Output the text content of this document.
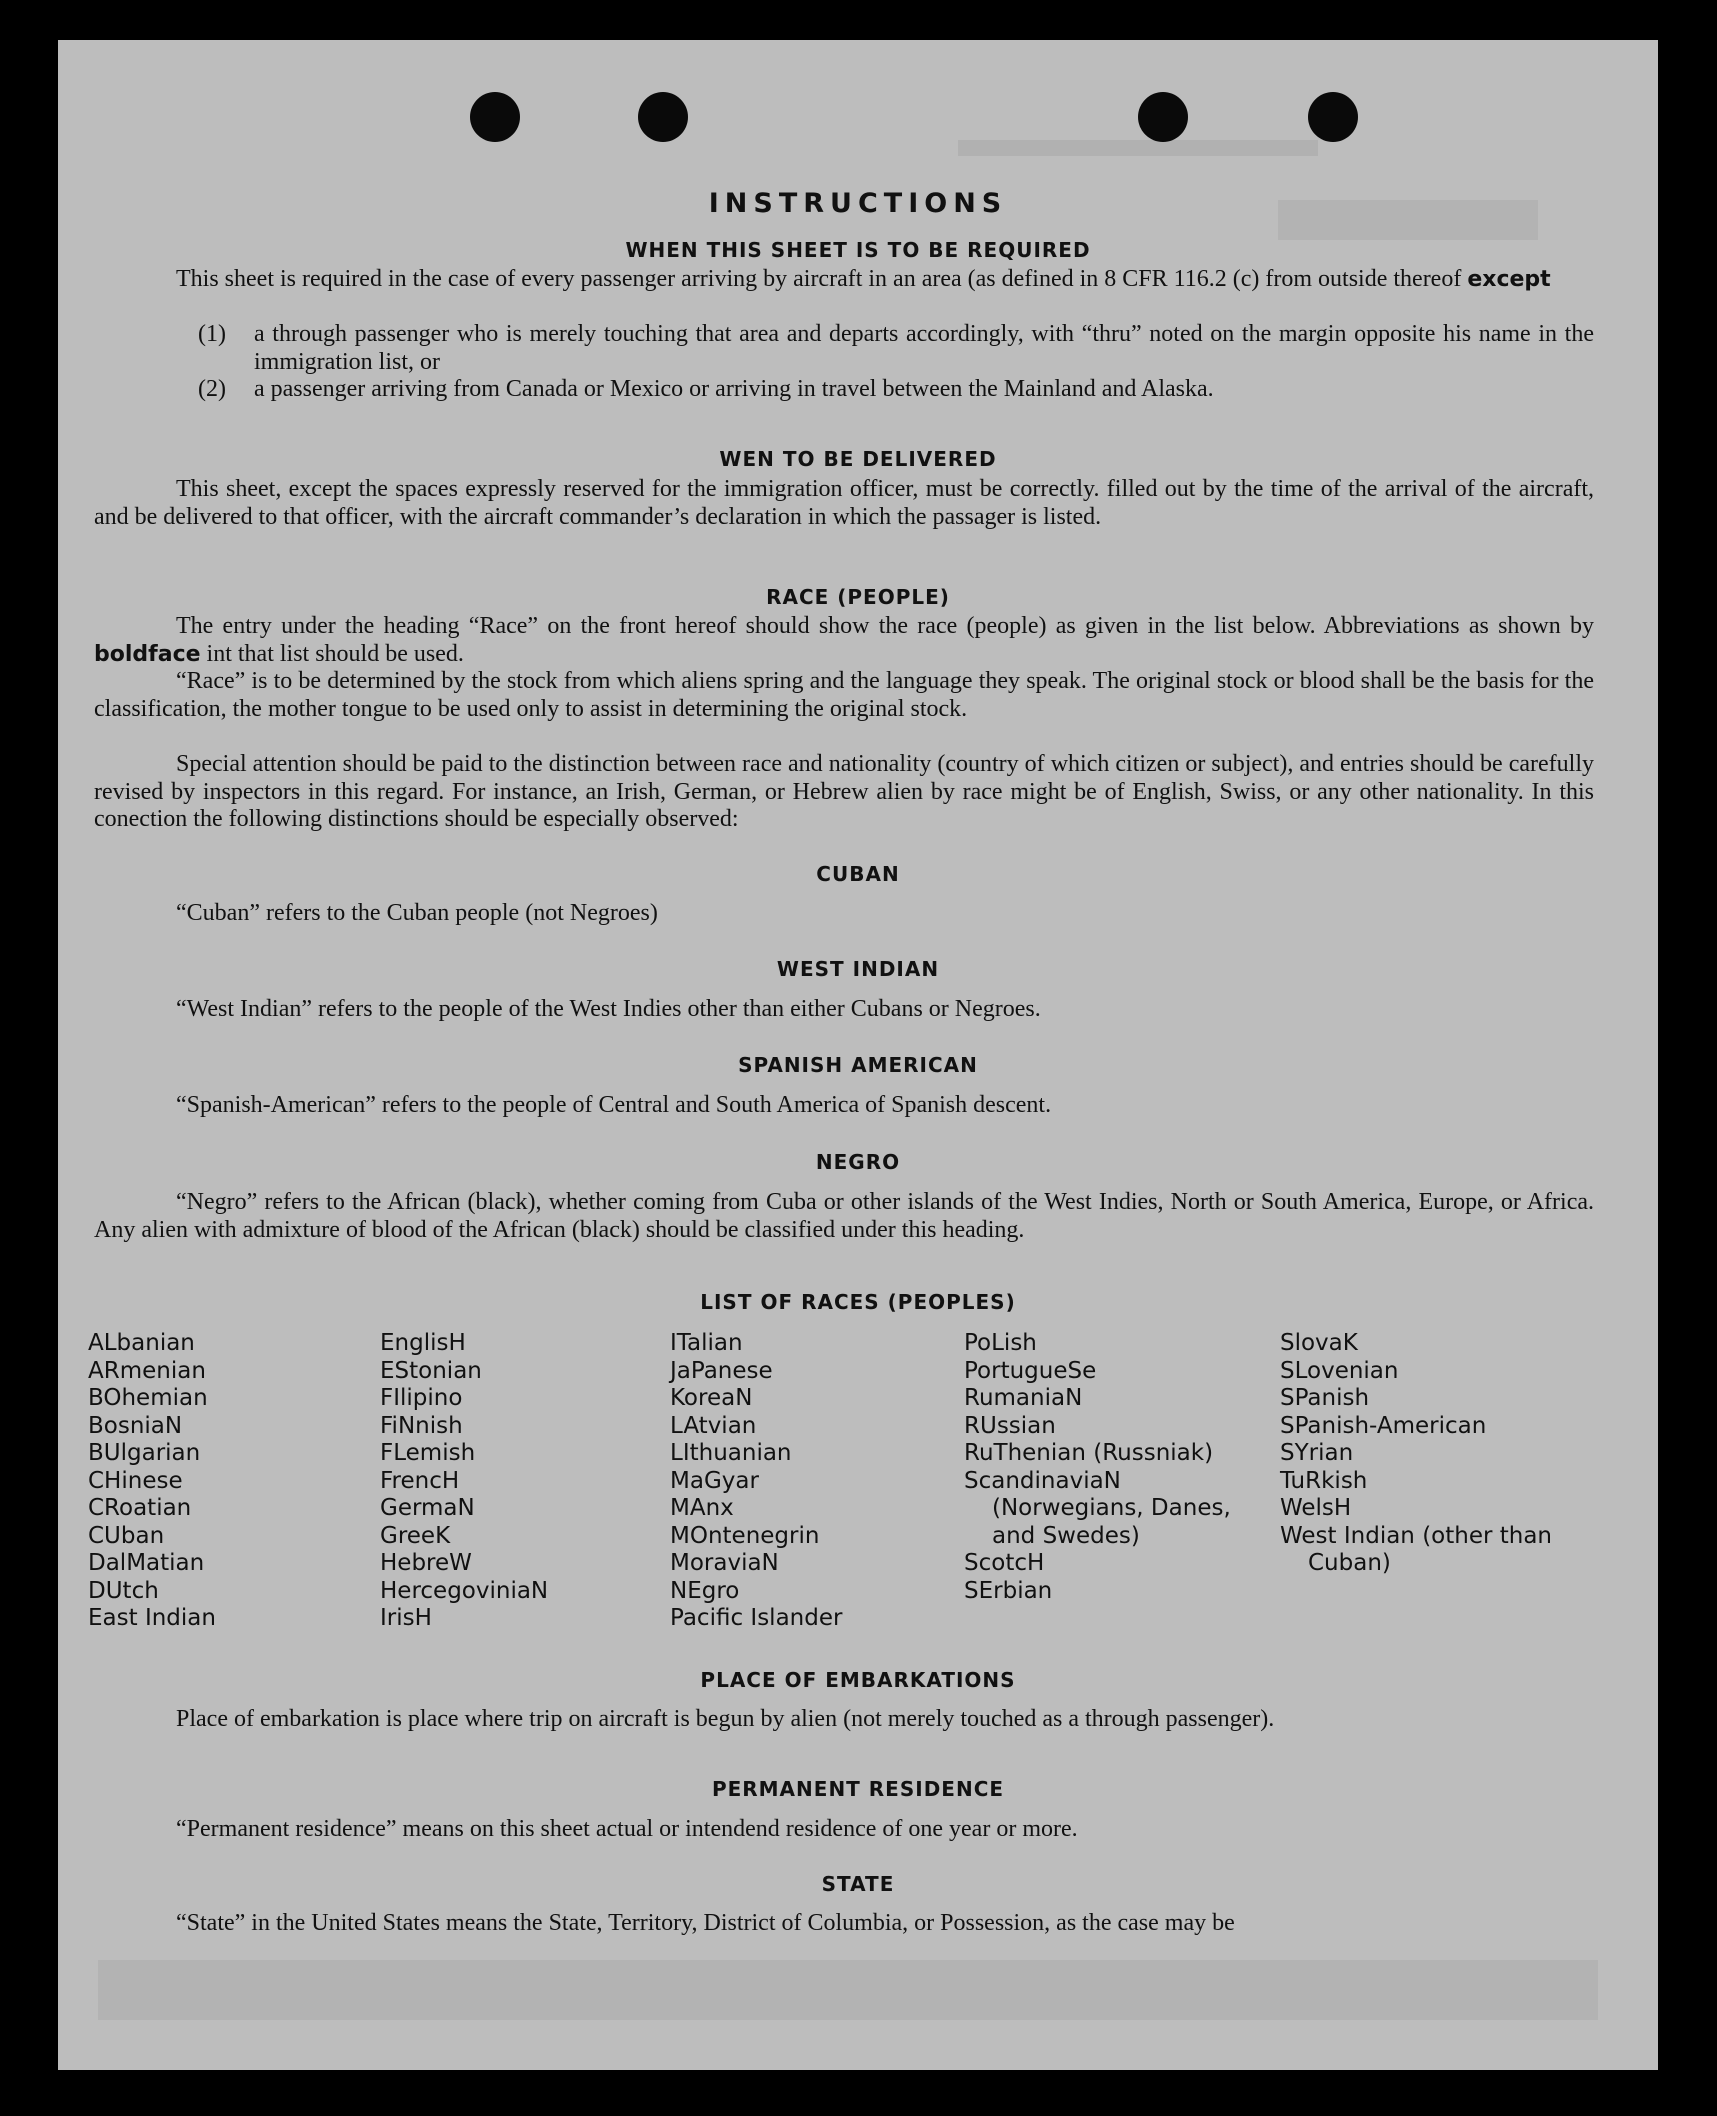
INSTRUCTIONS
WHEN THIS SHEET IS TO BE REQUIRED
This sheet is required in the case of every passenger arriving by aircraft in an area (as defined in 8 CFR 116.2 (c) from outside thereof except
(1) a through passenger who is merely touching that area and departs accordingly, with “thru” noted on the margin opposite his name in the immigration list, or
(2) a passenger arriving from Canada or Mexico or arriving in travel between the Mainland and Alaska.
WEN TO BE DELIVERED
This sheet, except the spaces expressly reserved for the immigration officer, must be correctly. filled out by the time of the arrival of the aircraft, and be delivered to that officer, with the aircraft commander’s declaration in which the passager is listed.
RACE (PEOPLE)
The entry under the heading “Race” on the front hereof should show the race (people) as given in the list below. Abbreviations as shown by boldface int that list should be used.
“Race” is to be determined by the stock from which aliens spring and the language they speak. The original stock or blood shall be the basis for the classification, the mother tongue to be used only to assist in determining the original stock.
Special attention should be paid to the distinction between race and nationality (country of which citizen or subject), and entries should be carefully revised by inspectors in this regard. For instance, an Irish, German, or Hebrew alien by race might be of English, Swiss, or any other nationality. In this conection the following distinctions should be especially observed:
CUBAN
“Cuban” refers to the Cuban people (not Negroes)
WEST INDIAN
“West Indian” refers to the people of the West Indies other than either Cubans or Negroes.
SPANISH AMERICAN
“Spanish-American” refers to the people of Central and South America of Spanish descent.
NEGRO
“Negro” refers to the African (black), whether coming from Cuba or other islands of the West Indies, North or South America, Europe, or Africa. Any alien with admixture of blood of the African (black) should be classified under this heading.
LIST OF RACES (PEOPLES)
ALbanian
ARmenian
BOhemian
BosniaN
BUlgarian
CHinese
CRoatian
CUban
DalMatian
DUtch
East Indian
EnglisH
EStonian
FIlipino
FiNnish
FLemish
FrencH
GermaN
GreeK
HebreW
HercegoviniaN
IrisH
ITalian
JaPanese
KoreaN
LAtvian
LIthuanian
MaGyar
MAnx
MOntenegrin
MoraviaN
NEgro
Pacific Islander
PoLish
PortugueSe
RumaniaN
RUssian
RuThenian (Russniak)
ScandinaviaN (Norwegians, Danes, and Swedes)
ScotcH
SErbian
SlovaK
SLovenian
SPanish
SPanish-American
SYrian
TuRkish
WelsH
West Indian (other than Cuban)
PLACE OF EMBARKATIONS
Place of embarkation is place where trip on aircraft is begun by alien (not merely touched as a through passenger).
PERMANENT RESIDENCE
“Permanent residence” means on this sheet actual or intendend residence of one year or more.
STATE
“State” in the United States means the State, Territory, District of Columbia, or Possession, as the case may be
